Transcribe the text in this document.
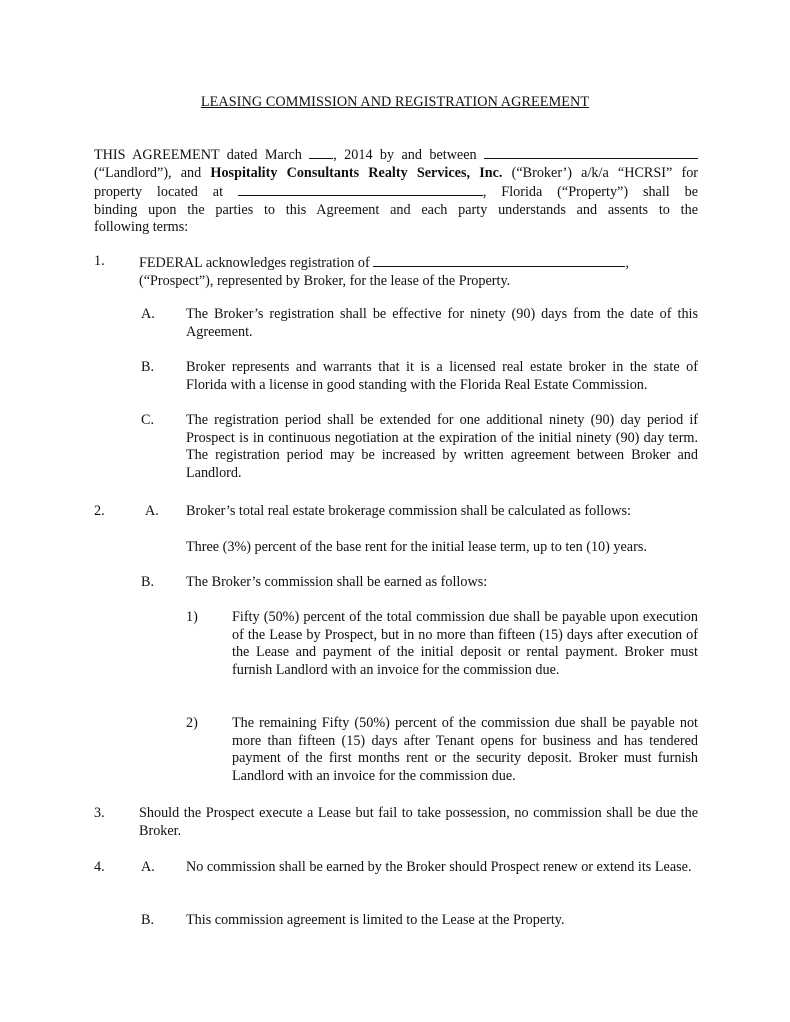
LEASING COMMISSION AND REGISTRATION AGREEMENT
THIS AGREEMENT dated March , 2014 by and between
(“Landlord”), and Hospitality Consultants Realty Services, Inc. (“Broker’) a/k/a “HCRSI” for
property located at	, Florida (“Property”) shall be
binding upon the parties to this Agreement and each party understands and assents to the
following terms:
1. FEDERAL acknowledges registration of	,
(“Prospect”), represented by Broker, for the lease of the Property.
A. The Broker’s registration shall be effective for ninety (90) days from the date of this Agreement.
B. Broker represents and warrants that it is a licensed real estate broker in the state of Florida with a license in good standing with the Florida Real Estate Commission.
C. The registration period shall be extended for one additional ninety (90) day period if Prospect is in continuous negotiation at the expiration of the initial ninety (90) day term. The registration period may be increased by written agreement between Broker and Landlord.
2.	A. Broker’s total real estate brokerage commission shall be calculated as follows:
Three (3%) percent of the base rent for the initial lease term, up to ten (10) years.
B. The Broker’s commission shall be earned as follows:
1) Fifty (50%) percent of the total commission due shall be payable upon execution of the Lease by Prospect, but in no more than fifteen (15) days after execution of the Lease and payment of the initial deposit or rental payment. Broker must furnish Landlord with an invoice for the commission due.
2) The remaining Fifty (50%) percent of the commission due shall be payable not more than fifteen (15) days after Tenant opens for business and has tendered payment of the first months rent or the security deposit. Broker must furnish Landlord with an invoice for the commission due.
3. Should the Prospect execute a Lease but fail to take possession, no commission shall be due the Broker.
4.	A. No commission shall be earned by the Broker should Prospect renew or extend its Lease.
B. This commission agreement is limited to the Lease at the Property.
